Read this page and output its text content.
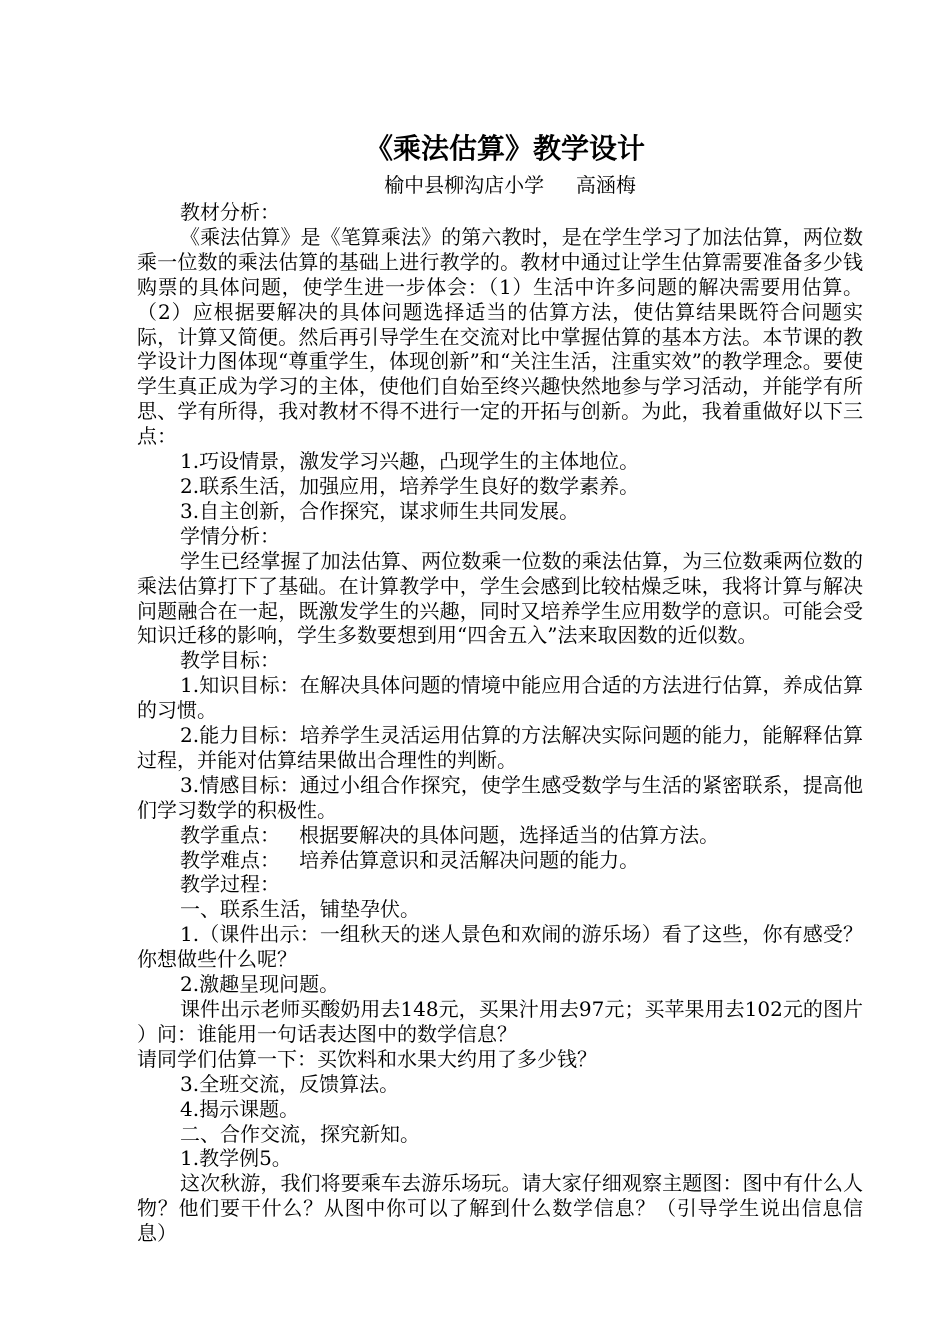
《乘法估算》教学设计
榆中县柳沟店小学     高涵梅

教材分析：

《乘法估算》是《笔算乘法》的第六教时，是在学生学习了加法估算，两位数乘一位数的乘法估算的基础上进行教学的。教材中通过让学生估算需要准备多少钱购票的具体问题，使学生进一步体会：（1）生活中许多问题的解决需要用估算。（2）应根据要解决的具体问题选择适当的估算方法，使估算结果既符合问题实际，计算又简便。然后再引导学生在交流对比中掌握估算的基本方法。本节课的教学设计力图体现“尊重学生，体现创新”和“关注生活，注重实效”的教学理念。要使学生真正成为学习的主体，使他们自始至终兴趣快然地参与学习活动，并能学有所思、学有所得，我对教材不得不进行一定的开拓与创新。为此，我着重做好以下三点：

1.巧设情景，激发学习兴趣，凸现学生的主体地位。

2.联系生活，加强应用，培养学生良好的数学素养。

3.自主创新，合作探究，谋求师生共同发展。

学情分析：

学生已经掌握了加法估算、两位数乘一位数的乘法估算，为三位数乘两位数的乘法估算打下了基础。在计算教学中，学生会感到比较枯燥乏味，我将计算与解决问题融合在一起，既激发学生的兴趣，同时又培养学生应用数学的意识。可能会受知识迁移的影响，学生多数要想到用“四舍五入”法来取因数的近似数。

教学目标：

1.知识目标：在解决具体问题的情境中能应用合适的方法进行估算，养成估算的习惯。

2.能力目标：培养学生灵活运用估算的方法解决实际问题的能力，能解释估算过程，并能对估算结果做出合理性的判断。

3.情感目标：通过小组合作探究，使学生感受数学与生活的紧密联系，提高他们学习数学的积极性。

教学重点：   根据要解决的具体问题，选择适当的估算方法。

教学难点：   培养估算意识和灵活解决问题的能力。

教学过程：

一、联系生活，铺垫孕伏。

1.（课件出示：一组秋天的迷人景色和欢闹的游乐场）看了这些，你有感受？你想做些什么呢？

2.激趣呈现问题。

课件出示老师买酸奶用去148元，买果汁用去97元；买苹果用去102元的图片  ）问：谁能用一句话表达图中的数学信息？

请同学们估算一下：买饮料和水果大约用了多少钱？

3.全班交流，反馈算法。

4.揭示课题。

二、合作交流，探究新知。

1.教学例5。

这次秋游，我们将要乘车去游乐场玩。请大家仔细观察主题图：图中有什么人物？他们要干什么？从图中你可以了解到什么数学信息？（引导学生说出信息信息）
